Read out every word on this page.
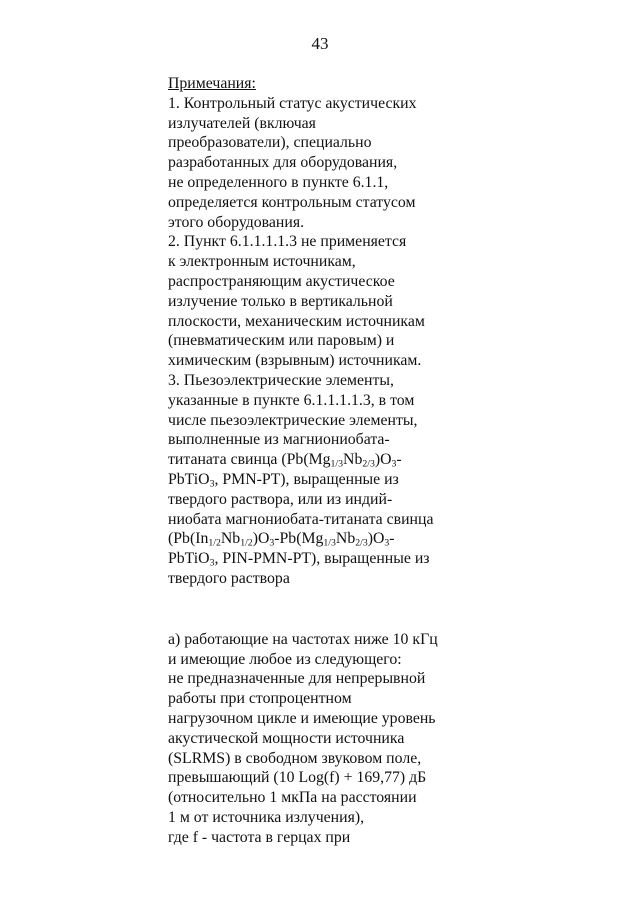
43
Примечания:
1. Контрольный статус акустических
излучателей (включая
преобразователи), специально
разработанных для оборудования,
не определенного в пункте 6.1.1,
определяется контрольным статусом
этого оборудования.
2. Пункт 6.1.1.1.1.3 не применяется
к электронным источникам,
распространяющим акустическое
излучение только в вертикальной
плоскости, механическим источникам
(пневматическим или паровым) и
химическим (взрывным) источникам.
3. Пьезоэлектрические элементы,
указанные в пункте 6.1.1.1.1.3, в том
числе пьезоэлектрические элементы,
выполненные из магниониобата-
титаната свинца ($Pb(Mg_{1/3}Nb_{2/3})O_3-$
PbTiO$_3$, PMN-PT), выращенные из
твердого раствора, или из индий-
ниобата магнониобата-титаната свинца
($Pb(In_{1/2}Nb_{1/2})O_3-Pb(Mg_{1/3}Nb_{2/3})O_3-$
PbTiO$_3$, PIN-PMN-PT), выращенные из
твердого раствора
а) работающие на частотах ниже 10 кГц
и имеющие любое из следующего:
не предназначенные для непрерывной
работы при стопроцентном
нагрузочном цикле и имеющие уровень
акустической мощности источника
(SLRMS) в свободном звуковом поле,
превышающий (10 Log(f) + 169,77) дБ
(относительно 1 мкПа на расстоянии
1 м от источника излучения),
где f - частота в герцах при
